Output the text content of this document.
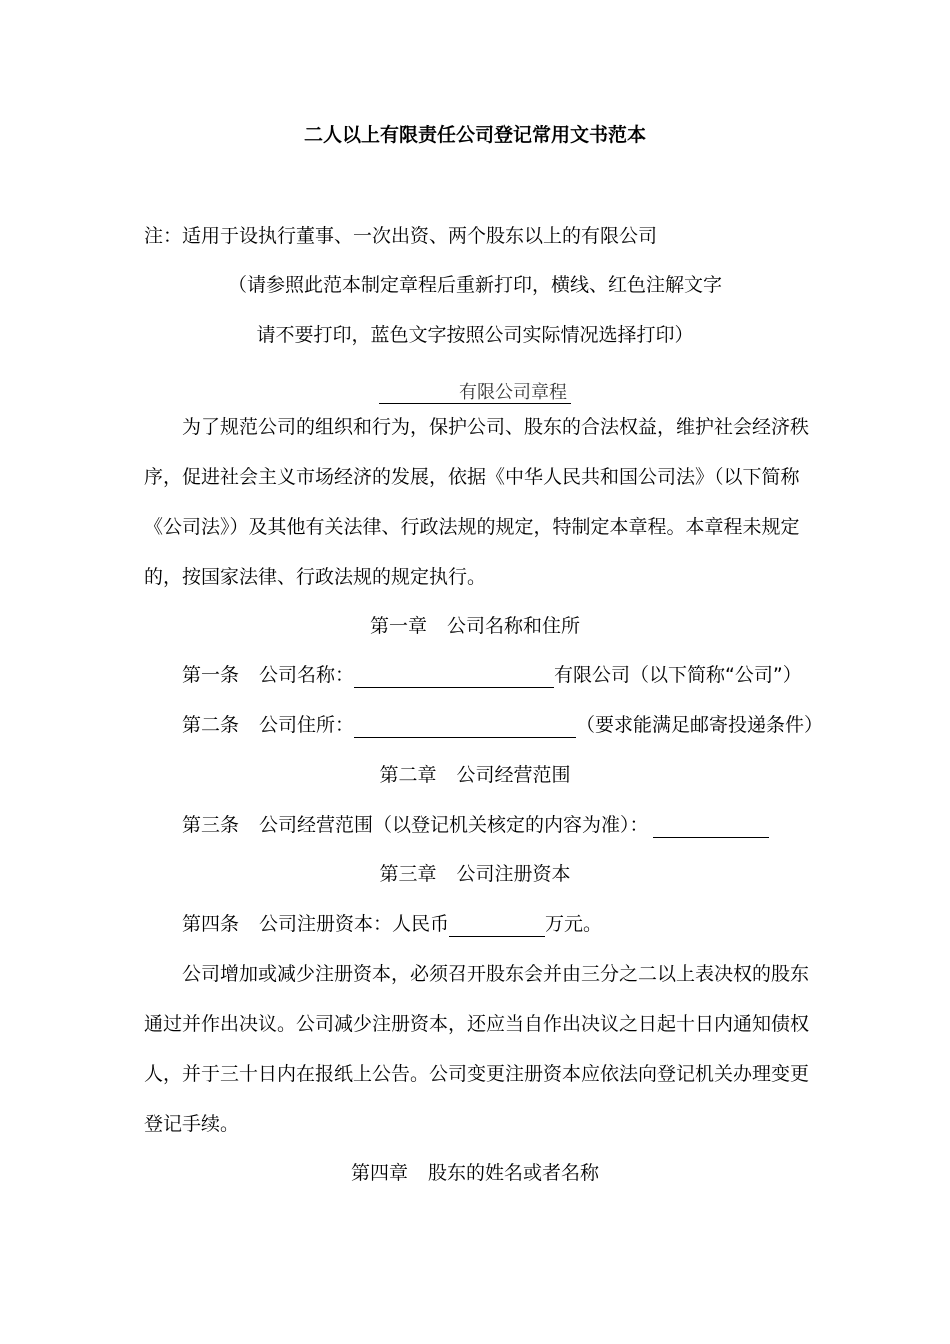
二人以上有限责任公司登记常用文书范本
注：适用于设执行董事、一次出资、两个股东以上的有限公司
（请参照此范本制定章程后重新打印，横线、红色注解文字
请不要打印，蓝色文字按照公司实际情况选择打印）
有限公司章程
为了规范公司的组织和行为，保护公司、股东的合法权益，维护社会经济秩
序，促进社会主义市场经济的发展，依据《中华人民共和国公司法》（以下简称
《公司法》）及其他有关法律、行政法规的规定，特制定本章程。本章程未规定
的，按国家法律、行政法规的规定执行。
第一章 公司名称和住所
第一条 公司名称：	有限公司（以下简称“公司”）
第二条 公司住所：	（要求能满足邮寄投递条件）
第二章 公司经营范围
第三条 公司经营范围（以登记机关核定的内容为准）：
第三章 公司注册资本
第四条 公司注册资本：人民币	万元。
公司增加或减少注册资本，必须召开股东会并由三分之二以上表决权的股东
通过并作出决议。公司减少注册资本，还应当自作出决议之日起十日内通知债权
人，并于三十日内在报纸上公告。公司变更注册资本应依法向登记机关办理变更
登记手续。
第四章 股东的姓名或者名称
